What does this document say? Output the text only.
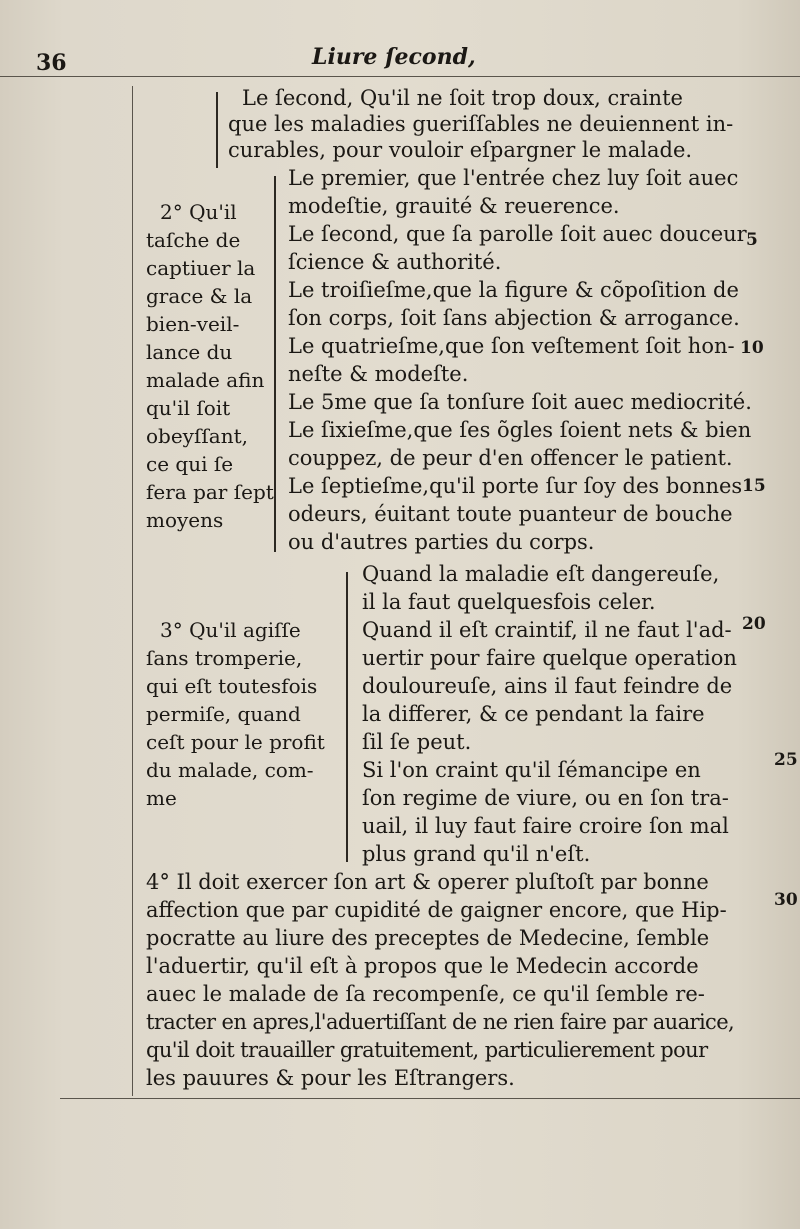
36	Liure ſecond,
Le ſecond, Qu'il ne ſoit trop doux, crainte
que les maladies gueriſſables ne deuiennent in-
curables, pour vouloir eſpargner le malade.
2° Qu'il
taſche de
captiuer la
grace & la
bien-veil-
lance du
malade afin
qu'il ſoit
obeyſſant,
ce qui ſe
fera par ſept
moyens
Le premier, que l'entrée chez luy ſoit auec
modeſtie, grauité & reuerence.
Le ſecond, que ſa parolle ſoit auec douceur
ſcience & authorité.
Le troiſieſme,que la figure & cõpoſition de
ſon corps, ſoit ſans abjection & arrogance.
Le quatrieſme,que ſon veſtement ſoit hon-
neſte & modeſte.
Le 5me que ſa tonſure ſoit auec mediocrité.
Le ſixieſme,que ſes õgles ſoient nets & bien
couppez, de peur d'en offencer le patient.
Le ſeptieſme,qu'il porte ſur ſoy des bonnes
odeurs, éuitant toute puanteur de bouche
ou d'autres parties du corps.
3° Qu'il agiſſe
ſans tromperie,
qui eſt toutesfois
permiſe, quand
ceſt pour le profit
du malade, com-
me
Quand la maladie eſt dangereuſe,
il la faut quelquesfois celer.
Quand il eſt craintif, il ne faut l'ad-
uertir pour faire quelque operation
douloureuſe, ains il faut feindre de
la differer, & ce pendant la faire
ſil ſe peut.
Si l'on craint qu'il ſémancipe en
ſon regime de viure, ou en ſon tra-
uail, il luy faut faire croire ſon mal
plus grand qu'il n'eſt.
4° Il doit exercer ſon art & operer pluſtoſt par bonne
affection que par cupidité de gaigner encore, que Hip-
pocratte au liure des preceptes de Medecine, ſemble
l'aduertir, qu'il eſt à propos que le Medecin accorde
auec le malade de ſa recompenſe, ce qu'il ſemble re-
tracter en apres,l'aduertiſſant de ne rien faire par auarice,
qu'il doit trauailler gratuitement, particulierement pour
les pauures & pour les Eſtrangers.
5
10
15
20
25
30
